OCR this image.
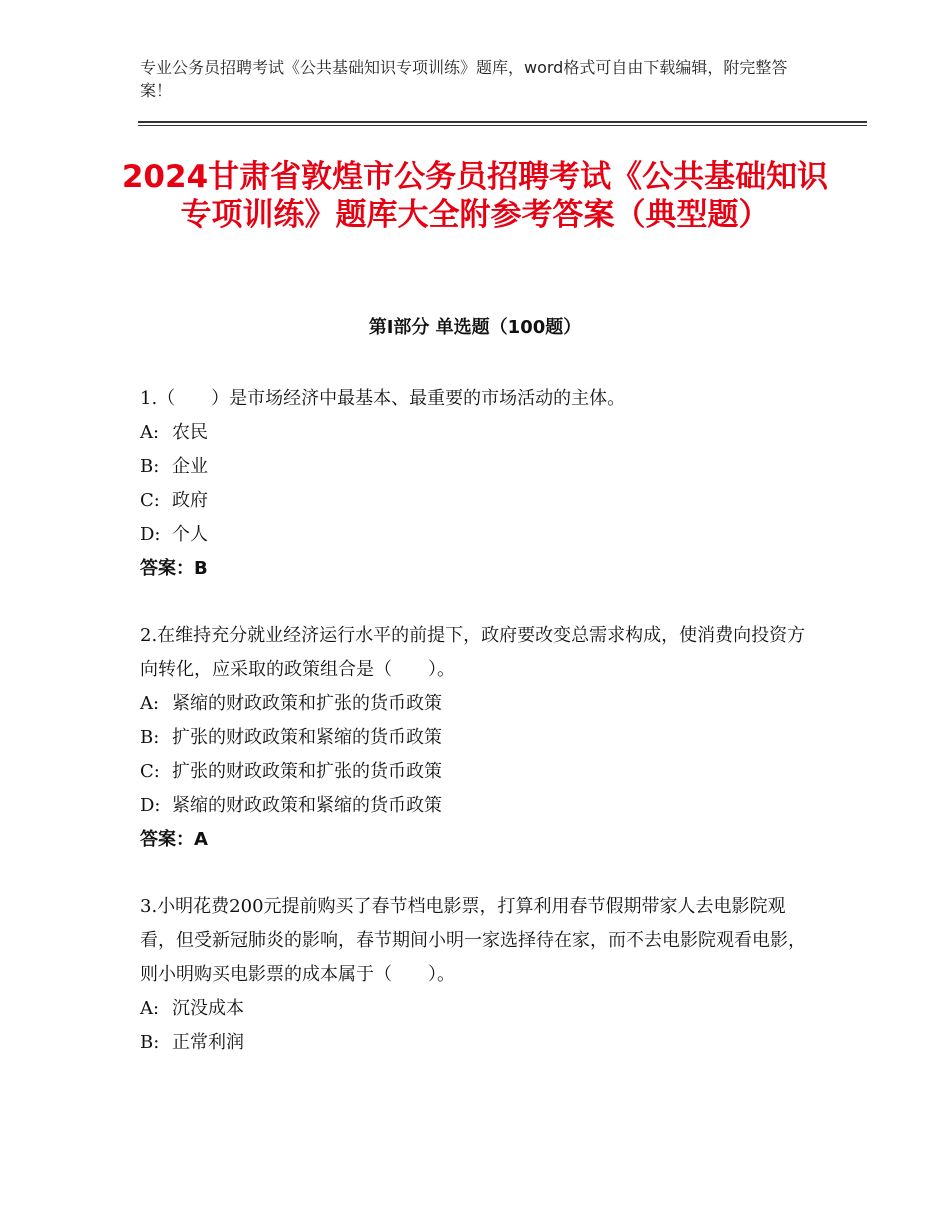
专业公务员招聘考试《公共基础知识专项训练》题库，word格式可自由下载编辑，附完整答案！
2024甘肃省敦煌市公务员招聘考试《公共基础知识专项训练》题库大全附参考答案（典型题）
第Ⅰ部分 单选题（100题）

1.（　　）是市场经济中最基本、最重要的市场活动的主体。

A: 农民
B: 企业
C: 政府
D: 个人

答案：B

2.在维持充分就业经济运行水平的前提下，政府要改变总需求构成，使消费向投资方向转化，应采取的政策组合是（　　）。

A: 紧缩的财政政策和扩张的货币政策
B: 扩张的财政政策和紧缩的货币政策
C: 扩张的财政政策和扩张的货币政策
D: 紧缩的财政政策和紧缩的货币政策

答案：A

3.小明花费200元提前购买了春节档电影票，打算利用春节假期带家人去电影院观看，但受新冠肺炎的影响，春节期间小明一家选择待在家，而不去电影院观看电影，则小明购买电影票的成本属于（　　）。

A: 沉没成本
B: 正常利润
